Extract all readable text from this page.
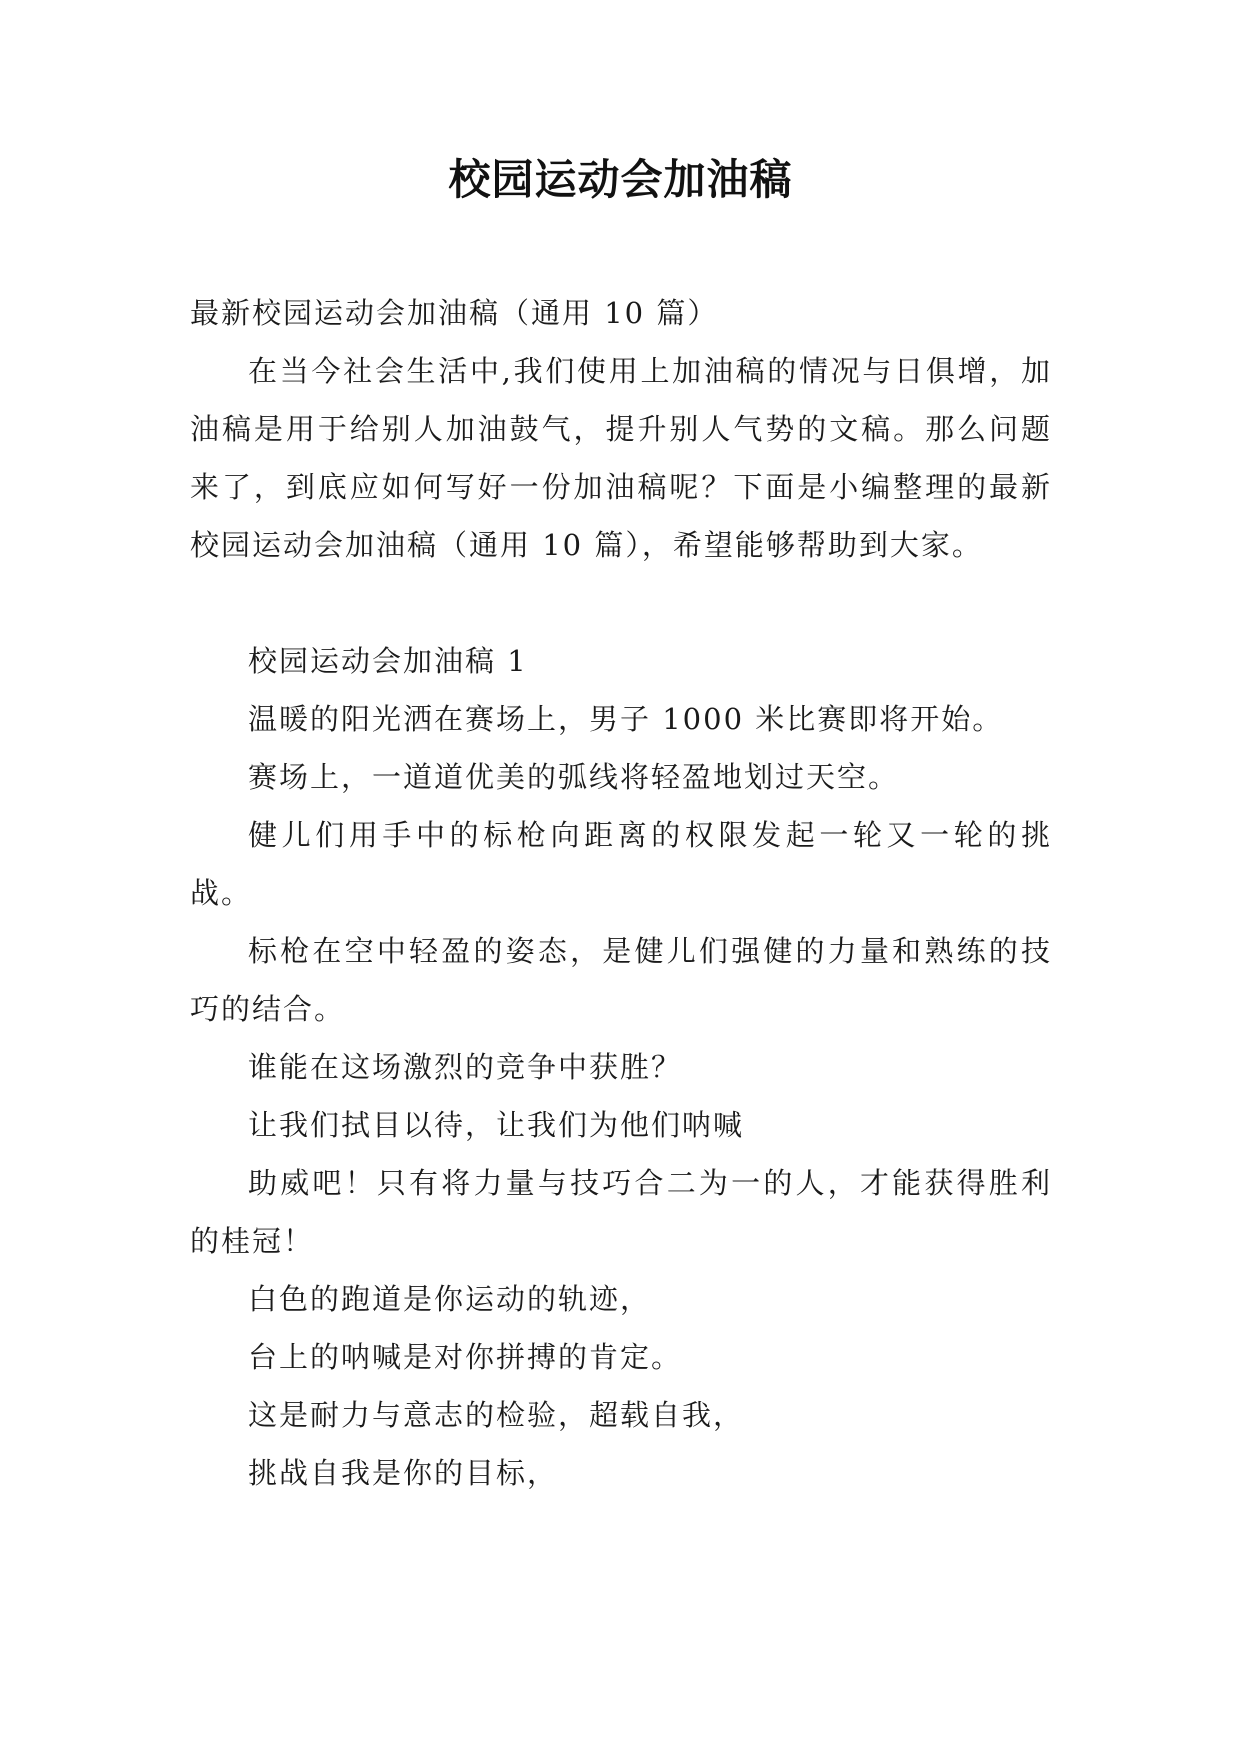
校园运动会加油稿

最新校园运动会加油稿（通用 10 篇）

在当今社会生活中,我们使用上加油稿的情况与日俱增，加油稿是用于给别人加油鼓气，提升别人气势的文稿。那么问题来了，到底应如何写好一份加油稿呢？下面是小编整理的最新校园运动会加油稿（通用 10 篇），希望能够帮助到大家。

校园运动会加油稿 1

温暖的阳光洒在赛场上，男子 1000 米比赛即将开始。

赛场上，一道道优美的弧线将轻盈地划过天空。

健儿们用手中的标枪向距离的权限发起一轮又一轮的挑战。

标枪在空中轻盈的姿态，是健儿们强健的力量和熟练的技巧的结合。

谁能在这场激烈的竞争中获胜？

让我们拭目以待，让我们为他们呐喊

助威吧！只有将力量与技巧合二为一的人，才能获得胜利的桂冠！

白色的跑道是你运动的轨迹，

台上的呐喊是对你拼搏的肯定。

这是耐力与意志的检验，超载自我，

挑战自我是你的目标，
